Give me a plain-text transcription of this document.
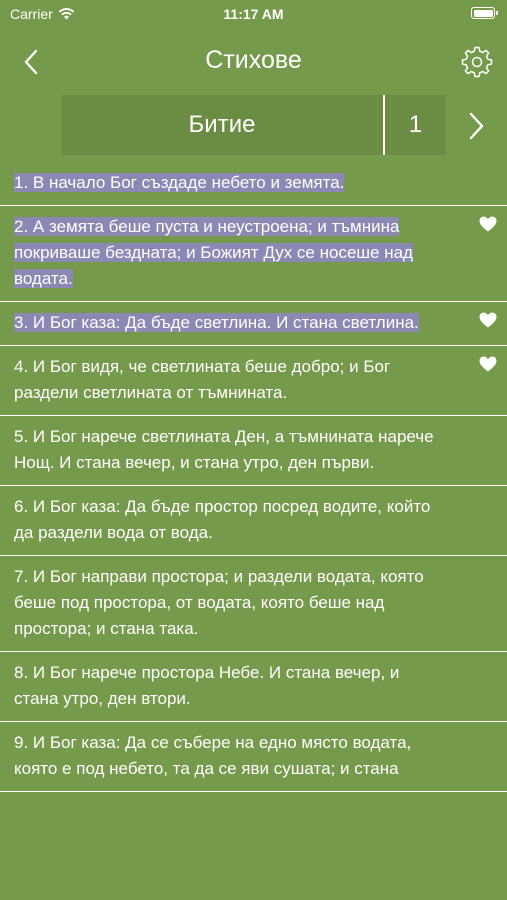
Carrier	11:17 AM
Стихове
Битие	1
1. В начало Бог създаде небето и земята.
2. А земята беше пуста и неустроена; и тъмнина покриваше бездната; и Божият Дух се носеше над водата.
3. И Бог каза: Да бъде светлина. И стана светлина.
4. И Бог видя, че светлината беше добро; и Бог раздели светлината от тъмнината.
5. И Бог нарече светлината Ден, а тъмнината нарече Нощ. И стана вечер, и стана утро, ден първи.
6. И Бог каза: Да бъде простор посред водите, който да раздели вода от вода.
7. И Бог направи простора; и раздели водата, която беше под простора, от водата, която беше над простора; и стана така.
8. И Бог нарече простора Небе. И стана вечер, и стана утро, ден втори.
9. И Бог каза: Да се събере на едно място водата, която е под небето, та да се яви сушата; и стана
